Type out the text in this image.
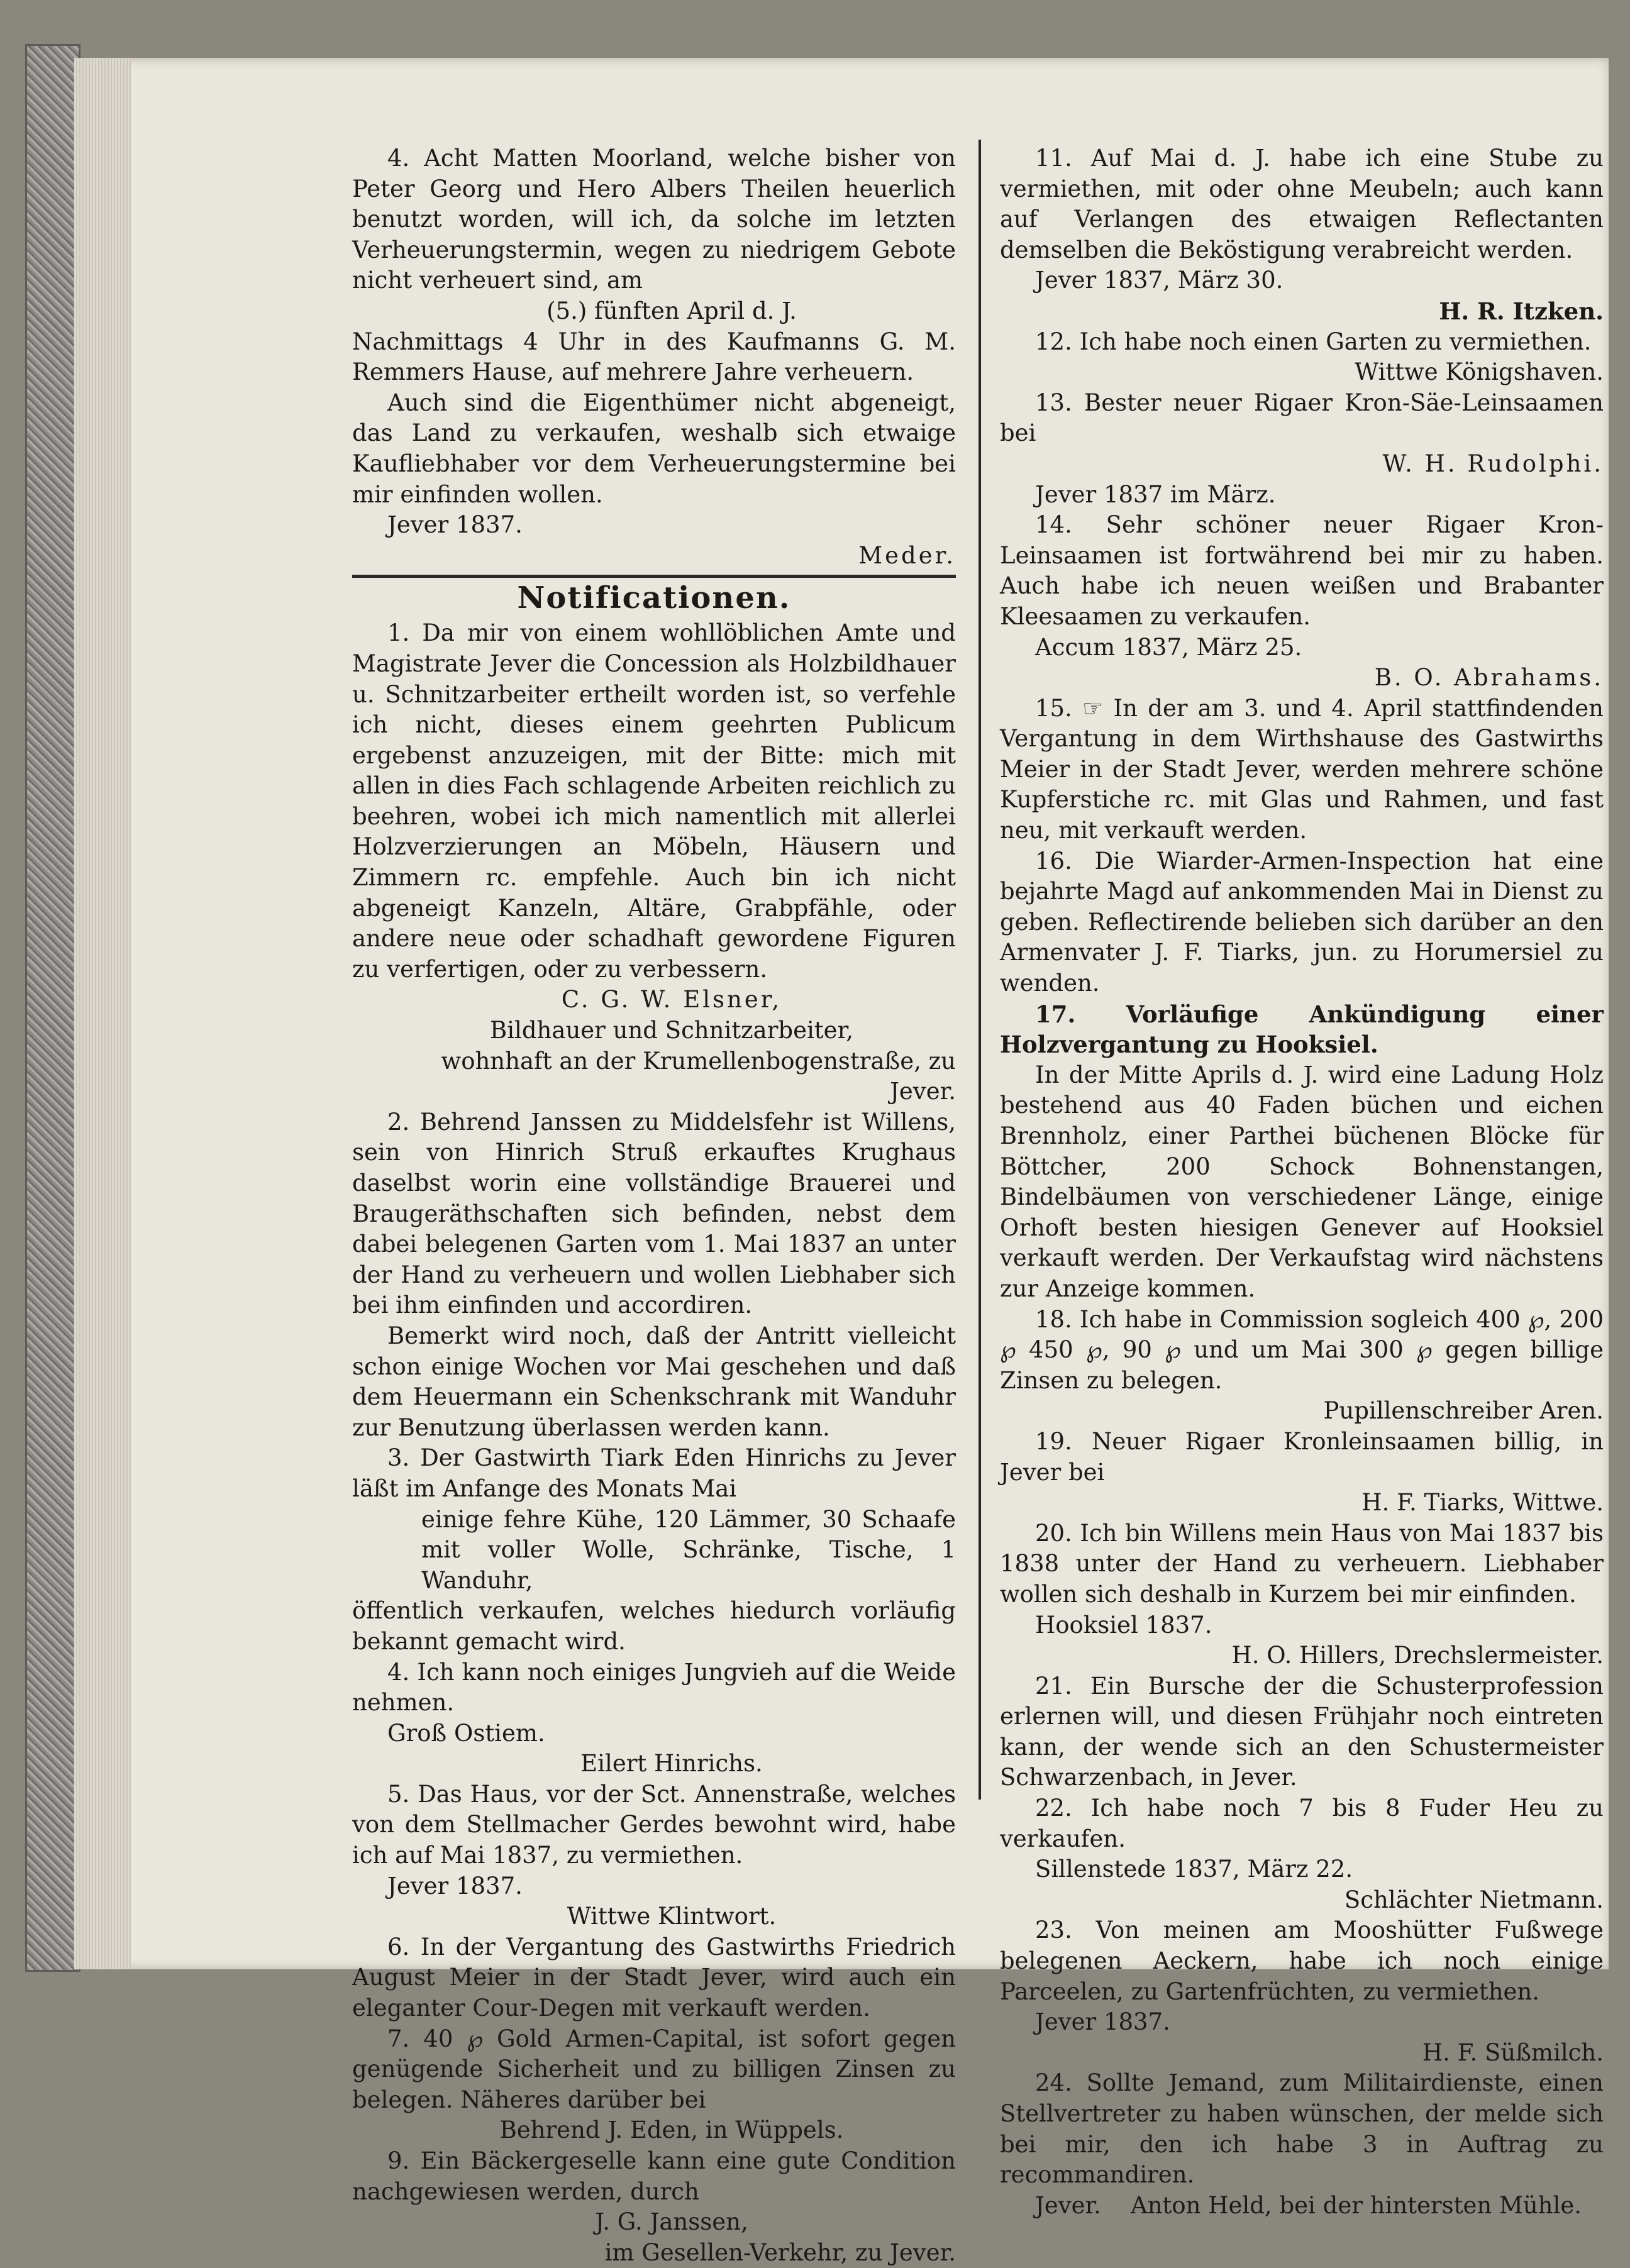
4. Acht Matten Moorland, welche bisher von Peter Georg und Hero Albers Theilen heuerlich benutzt worden, will ich, da solche im letzten Verheuerungstermin, wegen zu niedrigem Gebote nicht verheuert sind, am

(5.) fünften April d. J.

Nachmittags 4 Uhr in des Kaufmanns G. M. Remmers Hause, auf mehrere Jahre verheuern.

Auch sind die Eigenthümer nicht abgeneigt, das Land zu verkaufen, weshalb sich etwaige Kaufliebhaber vor dem Verheuerungstermine bei mir einfinden wollen.

Jever 1837.

Meder.

Notificationen.

1. Da mir von einem wohllöblichen Amte und Magistrate Jever die Concession als Holzbildhauer u. Schnitzarbeiter ertheilt worden ist, so verfehle ich nicht, dieses einem geehrten Publicum ergebenst anzuzeigen, mit der Bitte: mich mit allen in dies Fach schlagende Arbeiten reichlich zu beehren, wobei ich mich namentlich mit allerlei Holzverzierungen an Möbeln, Häusern und Zimmern rc. empfehle. Auch bin ich nicht abgeneigt Kanzeln, Altäre, Grabpfähle, oder andere neue oder schadhaft gewordene Figuren zu verfertigen, oder zu verbessern.

C. G. W. Elsner,

Bildhauer und Schnitzarbeiter,

wohnhaft an der Krumellenbogenstraße, zu Jever.

2. Behrend Janssen zu Middelsfehr ist Willens, sein von Hinrich Struß erkauftes Krughaus daselbst worin eine vollständige Brauerei und Braugeräthschaften sich befinden, nebst dem dabei belegenen Garten vom 1. Mai 1837 an unter der Hand zu verheuern und wollen Liebhaber sich bei ihm einfinden und accordiren.

Bemerkt wird noch, daß der Antritt vielleicht schon einige Wochen vor Mai geschehen und daß dem Heuermann ein Schenkschrank mit Wanduhr zur Benutzung überlassen werden kann.

3. Der Gastwirth Tiark Eden Hinrichs zu Jever läßt im Anfange des Monats Mai

einige fehre Kühe, 120 Lämmer, 30 Schaafe mit voller Wolle, Schränke, Tische, 1 Wanduhr,

öffentlich verkaufen, welches hiedurch vorläufig bekannt gemacht wird.

4. Ich kann noch einiges Jungvieh auf die Weide nehmen.

Groß Ostiem.

Eilert Hinrichs.

5. Das Haus, vor der Sct. Annenstraße, welches von dem Stellmacher Gerdes bewohnt wird, habe ich auf Mai 1837, zu vermiethen.

Jever 1837.

Wittwe Klintwort.

6. In der Vergantung des Gastwirths Friedrich August Meier in der Stadt Jever, wird auch ein eleganter Cour-Degen mit verkauft werden.

7. 40 ℘ Gold Armen-Capital, ist sofort gegen genügende Sicherheit und zu billigen Zinsen zu belegen. Näheres darüber bei

Behrend J. Eden, in Wüppels.

9. Ein Bäckergeselle kann eine gute Condition nachgewiesen werden, durch

J. G. Janssen,

im Gesellen-Verkehr, zu Jever.

11. Auf Mai d. J. habe ich eine Stube zu vermiethen, mit oder ohne Meubeln; auch kann auf Verlangen des etwaigen Reflectanten demselben die Beköstigung verabreicht werden.

Jever 1837, März 30.

H. R. Itzken.

12. Ich habe noch einen Garten zu vermiethen.

Wittwe Königshaven.

13. Bester neuer Rigaer Kron-Säe-Leinsaamen bei

W. H. Rudolphi.

Jever 1837 im März.

14. Sehr schöner neuer Rigaer Kron-Leinsaamen ist fortwährend bei mir zu haben. Auch habe ich neuen weißen und Brabanter Kleesaamen zu verkaufen.

Accum 1837, März 25.

B. O. Abrahams.

15. ☞ In der am 3. und 4. April stattfindenden Vergantung in dem Wirthshause des Gastwirths Meier in der Stadt Jever, werden mehrere schöne Kupferstiche rc. mit Glas und Rahmen, und fast neu, mit verkauft werden.

16. Die Wiarder-Armen-Inspection hat eine bejahrte Magd auf ankommenden Mai in Dienst zu geben. Reflectirende belieben sich darüber an den Armenvater J. F. Tiarks, jun. zu Horumersiel zu wenden.

17. Vorläufige Ankündigung einer Holzvergantung zu Hooksiel.

In der Mitte Aprils d. J. wird eine Ladung Holz bestehend aus 40 Faden büchen und eichen Brennholz, einer Parthei büchenen Blöcke für Böttcher, 200 Schock Bohnenstangen, Bindelbäumen von verschiedener Länge, einige Orhoft besten hiesigen Genever auf Hooksiel verkauft werden. Der Verkaufstag wird nächstens zur Anzeige kommen.

18. Ich habe in Commission sogleich 400 ℘, 200 ℘ 450 ℘, 90 ℘ und um Mai 300 ℘ gegen billige Zinsen zu belegen.

Pupillenschreiber Aren.

19. Neuer Rigaer Kronleinsaamen billig, in Jever bei

H. F. Tiarks, Wittwe.

20. Ich bin Willens mein Haus von Mai 1837 bis 1838 unter der Hand zu verheuern. Liebhaber wollen sich deshalb in Kurzem bei mir einfinden.

Hooksiel 1837.

H. O. Hillers, Drechslermeister.

21. Ein Bursche der die Schusterprofession erlernen will, und diesen Frühjahr noch eintreten kann, der wende sich an den Schustermeister Schwarzenbach, in Jever.

22. Ich habe noch 7 bis 8 Fuder Heu zu verkaufen.

Sillenstede 1837, März 22.

Schlächter Nietmann.

23. Von meinen am Mooshütter Fußwege belegenen Aeckern, habe ich noch einige Parceelen, zu Gartenfrüchten, zu vermiethen.

Jever 1837.

H. F. Süßmilch.

24. Sollte Jemand, zum Militairdienste, einen Stellvertreter zu haben wünschen, der melde sich bei mir, den ich habe 3 in Auftrag zu recommandiren.

Jever. Anton Held, bei der hintersten Mühle.
